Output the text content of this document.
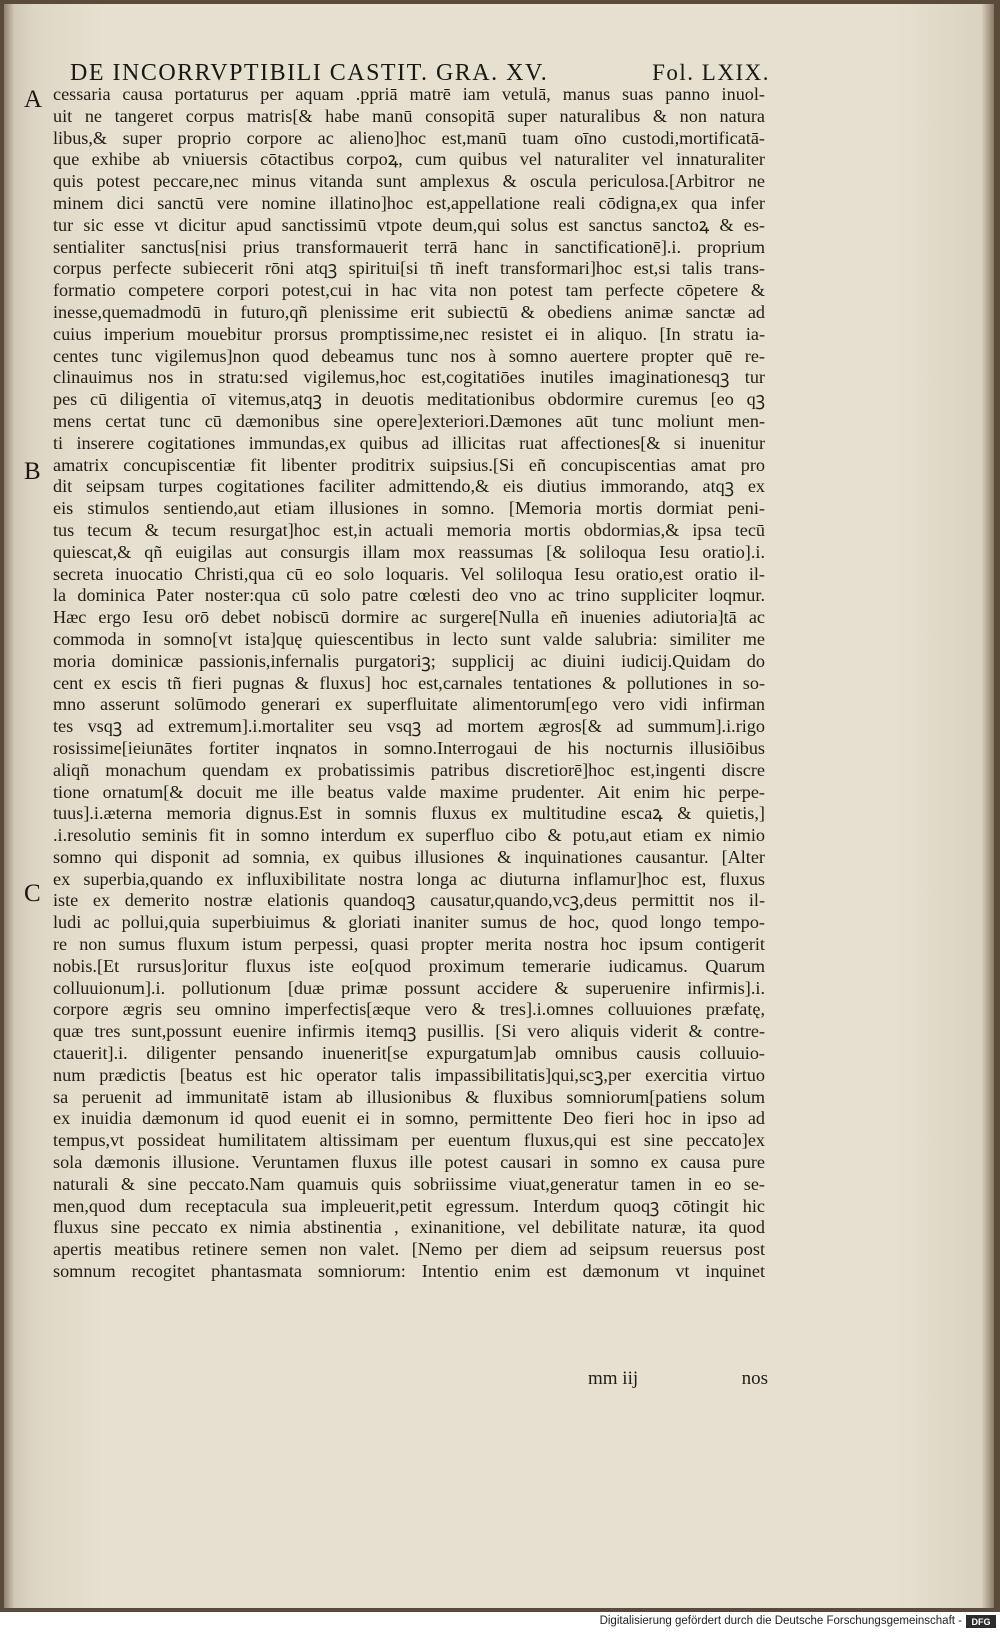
DE INCORRVPTIBILI CASTIT. GRA. XV.	Fol. LXIX.
A
B
C
cessaria causa portaturus per aquam .ppriā matrē iam vetulā, manus suas panno inuol-
uit ne tangeret corpus matris[& habe manū consopitā super naturalibus & non natura
libus,& super proprio corpore ac alieno]hoc est,manū tuam oīno custodi,mortificatā-
que exhibe ab vniuersis cōtactibus corpoꝝ, cum quibus vel naturaliter vel innaturaliter
quis potest peccare,nec minus vitanda sunt amplexus & oscula periculosa.[Arbitror ne
minem dici sanctū vere nomine illatino]hoc est,appellatione reali cōdigna,ex qua infer
tur sic esse vt dicitur apud sanctissimū vtpote deum,qui solus est sanctus sanctoꝝ & es-
sentialiter sanctus[nisi prius transformauerit terrā hanc in sanctificationē].i. proprium
corpus perfecte subiecerit rōni atqꝫ spiritui[si tñ ineft transformari]hoc est,si talis trans-
formatio competere corpori potest,cui in hac vita non potest tam perfecte cōpetere &
inesse,quemadmodū in futuro,qñ plenissime erit subiectū & obediens animæ sanctæ ad
cuius imperium mouebitur prorsus promptissime,nec resistet ei in aliquo. [In stratu ia-
centes tunc vigilemus]non quod debeamus tunc nos à somno auertere propter quē re-
clinauimus nos in stratu:sed vigilemus,hoc est,cogitatiōes inutiles imaginationesqꝫ tur
pes cū diligentia oī vitemus,atqꝫ in deuotis meditationibus obdormire curemus [eo qꝫ
mens certat tunc cū dæmonibus sine opere]exteriori.Dæmones aūt tunc moliunt men-
ti inserere cogitationes immundas,ex quibus ad illicitas ruat affectiones[& si inuenitur
amatrix concupiscentiæ fit libenter proditrix suipsius.[Si eñ concupiscentias amat pro
dit seipsam turpes cogitationes faciliter admittendo,& eis diutius immorando, atqꝫ ex
eis stimulos sentiendo,aut etiam illusiones in somno. [Memoria mortis dormiat peni-
tus tecum & tecum resurgat]hoc est,in actuali memoria mortis obdormias,& ipsa tecū
quiescat,& qñ euigilas aut consurgis illam mox reassumas [& soliloqua Iesu oratio].i.
secreta inuocatio Christi,qua cū eo solo loquaris. Vel soliloqua Iesu oratio,est oratio il-
la dominica Pater noster:qua cū solo patre cœlesti deo vno ac trino suppliciter loqmur.
Hæc ergo Iesu orō debet nobiscū dormire ac surgere[Nulla eñ inuenies adiutoria]tā ac
commoda in somno[vt ista]quę quiescentibus in lecto sunt valde salubria: similiter me
moria dominicæ passionis,infernalis purgatoriꝫ; supplicij ac diuini iudicij.Quidam do
cent ex escis tñ fieri pugnas & fluxus] hoc est,carnales tentationes & pollutiones in so-
mno asserunt solūmodo generari ex superfluitate alimentorum[ego vero vidi infirman
tes vsqꝫ ad extremum].i.mortaliter seu vsqꝫ ad mortem ægros[& ad summum].i.rigo
rosissime[ieiunātes fortiter inqnatos in somno.Interrogaui de his nocturnis illusiōibus
aliqñ monachum quendam ex probatissimis patribus discretiorē]hoc est,ingenti discre
tione ornatum[& docuit me ille beatus valde maxime prudenter. Ait enim hic perpe-
tuus].i.æterna memoria dignus.Est in somnis fluxus ex multitudine escaꝝ & quietis,]
.i.resolutio seminis fit in somno interdum ex superfluo cibo & potu,aut etiam ex nimio
somno qui disponit ad somnia, ex quibus illusiones & inquinationes causantur. [Alter
ex superbia,quando ex influxibilitate nostra longa ac diuturna inflamur]hoc est, fluxus
iste ex demerito nostræ elationis quandoqꝫ causatur,quando,vcꝫ,deus permittit nos il-
ludi ac pollui,quia superbiuimus & gloriati inaniter sumus de hoc, quod longo tempo-
re non sumus fluxum istum perpessi, quasi propter merita nostra hoc ipsum contigerit
nobis.[Et rursus]oritur fluxus iste eo[quod proximum temerarie iudicamus. Quarum
colluuionum].i. pollutionum [duæ primæ possunt accidere & superuenire infirmis].i.
corpore ægris seu omnino imperfectis[æque vero & tres].i.omnes colluuiones præfatę,
quæ tres sunt,possunt euenire infirmis itemqꝫ pusillis. [Si vero aliquis viderit & contre-
ctauerit].i. diligenter pensando inuenerit[se expurgatum]ab omnibus causis colluuio-
num prædictis [beatus est hic operator talis impassibilitatis]qui,scꝫ,per exercitia virtuo
sa peruenit ad immunitatē istam ab illusionibus & fluxibus somniorum[patiens solum
ex inuidia dæmonum id quod euenit ei in somno, permittente Deo fieri hoc in ipso ad
tempus,vt possideat humilitatem altissimam per euentum fluxus,qui est sine peccato]ex
sola dæmonis illusione. Veruntamen fluxus ille potest causari in somno ex causa pure
naturali & sine peccato.Nam quamuis quis sobriissime viuat,generatur tamen in eo se-
men,quod dum receptacula sua impleuerit,petit egressum. Interdum quoqꝫ cōtingit hic
fluxus sine peccato ex nimia abstinentia , exinanitione, vel debilitate naturæ, ita quod
apertis meatibus retinere semen non valet. [Nemo per diem ad seipsum reuersus post
somnum recogitet phantasmata somniorum: Intentio enim est dæmonum vt inquinet
mm iij	nos
Digitalisierung gefördert durch die Deutsche Forschungsgemeinschaft -	DFG
